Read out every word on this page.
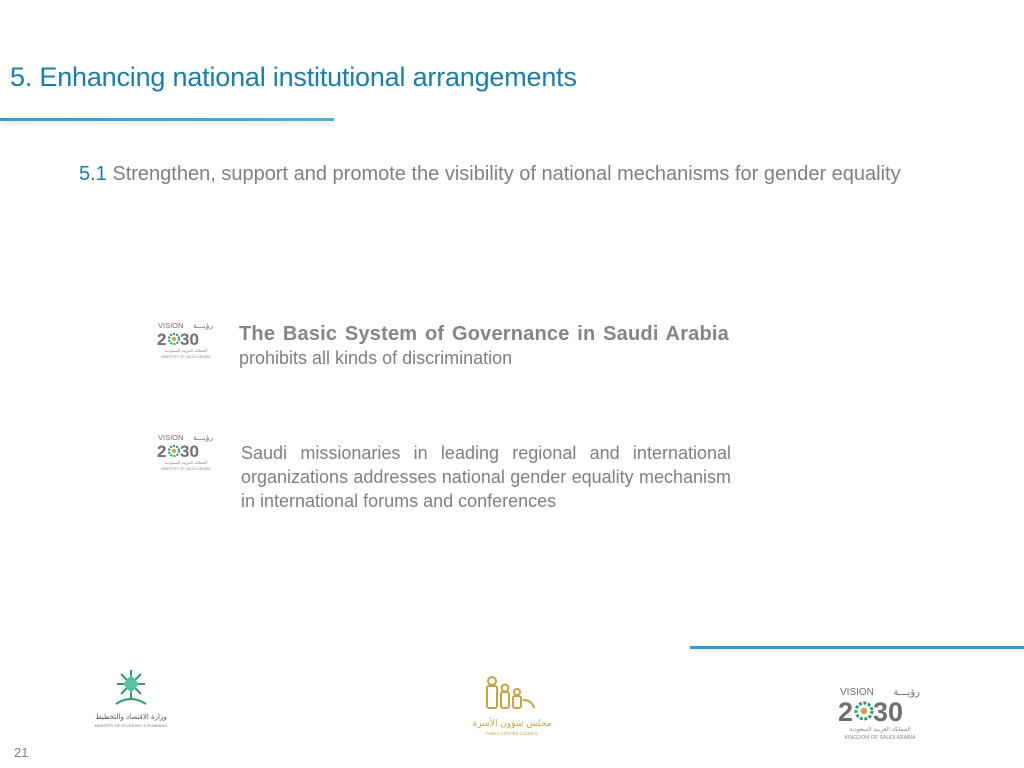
5. Enhancing national institutional arrangements
5.1 Strengthen, support and promote the visibility of national mechanisms for gender equality
VISION رؤيـــة
2 30
المملكة العربية السعودية
MINISTRY OF SAUDI ARABIA
The Basic System of Governance in Saudi Arabia prohibits all kinds of discrimination
VISION رؤيـــة
2 30
المملكة العربية السعودية
MINISTRY OF SAUDI ARABIA
Saudi missionaries in leading regional and international organizations addresses national gender equality mechanism in international forums and conferences
وزارة الاقتصاد والتخطيط
MINISTRY OF ECONOMY & PLANNING	مجلس شؤون الأسرة
FAMILY AFFAIRS COUNCIL
VISION رؤيـــة
2 30
المملكة العربية السعودية
KINGDOM OF SAUDI ARABIA
21
